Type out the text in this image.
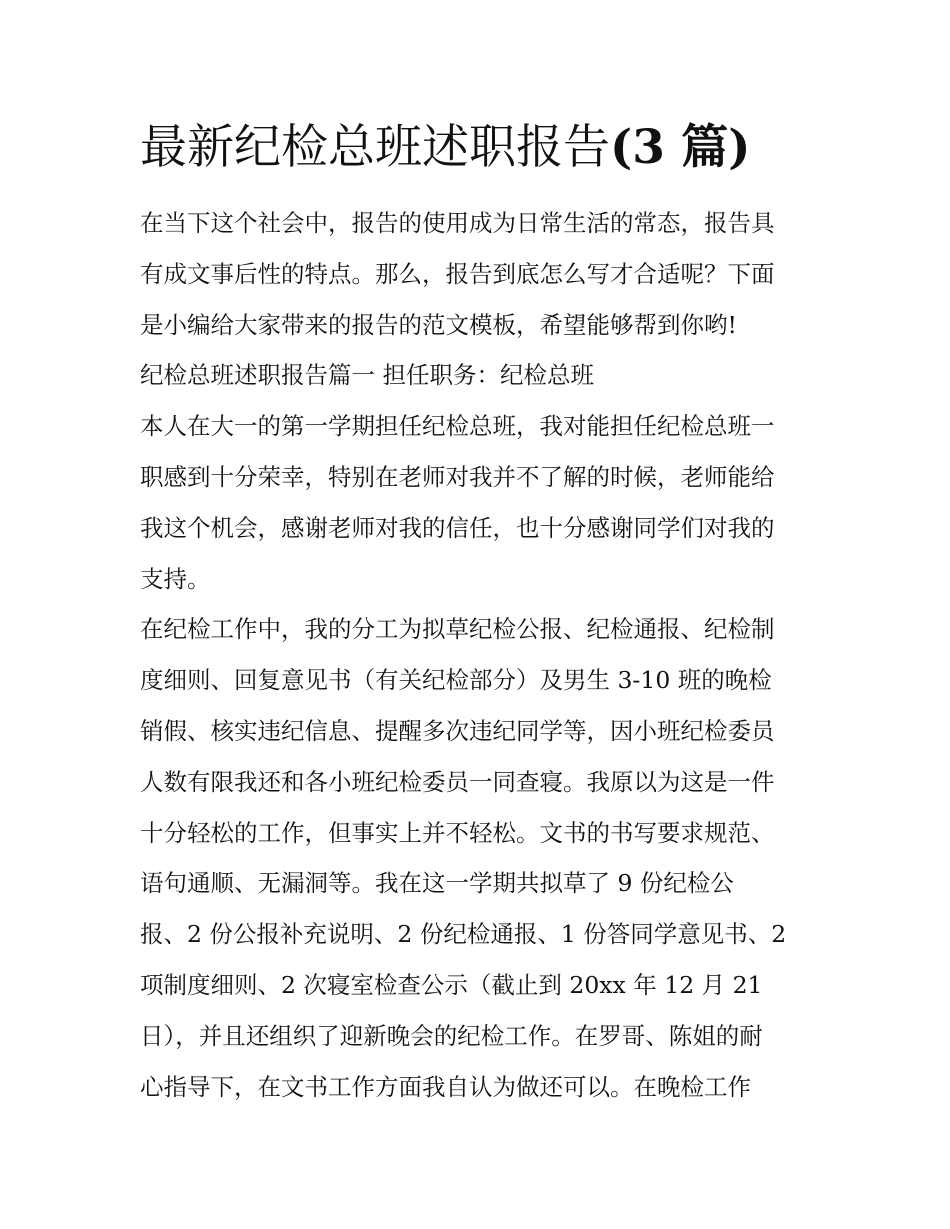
最新纪检总班述职报告(3 篇)
在当下这个社会中，报告的使用成为日常生活的常态，报告具
有成文事后性的特点。那么，报告到底怎么写才合适呢？下面
是小编给大家带来的报告的范文模板，希望能够帮到你哟!
纪检总班述职报告篇一 担任职务：纪检总班
本人在大一的第一学期担任纪检总班，我对能担任纪检总班一
职感到十分荣幸，特别在老师对我并不了解的时候，老师能给
我这个机会，感谢老师对我的信任，也十分感谢同学们对我的
支持。
在纪检工作中，我的分工为拟草纪检公报、纪检通报、纪检制
度细则、回复意见书（有关纪检部分）及男生 3-10 班的晚检
销假、核实违纪信息、提醒多次违纪同学等，因小班纪检委员
人数有限我还和各小班纪检委员一同查寝。我原以为这是一件
十分轻松的工作，但事实上并不轻松。文书的书写要求规范、
语句通顺、无漏洞等。我在这一学期共拟草了 9 份纪检公
报、2 份公报补充说明、2 份纪检通报、1 份答同学意见书、2
项制度细则、2 次寝室检查公示（截止到 20xx 年 12 月 21
日），并且还组织了迎新晚会的纪检工作。在罗哥、陈姐的耐
心指导下，在文书工作方面我自认为做还可以。在晚检工作
